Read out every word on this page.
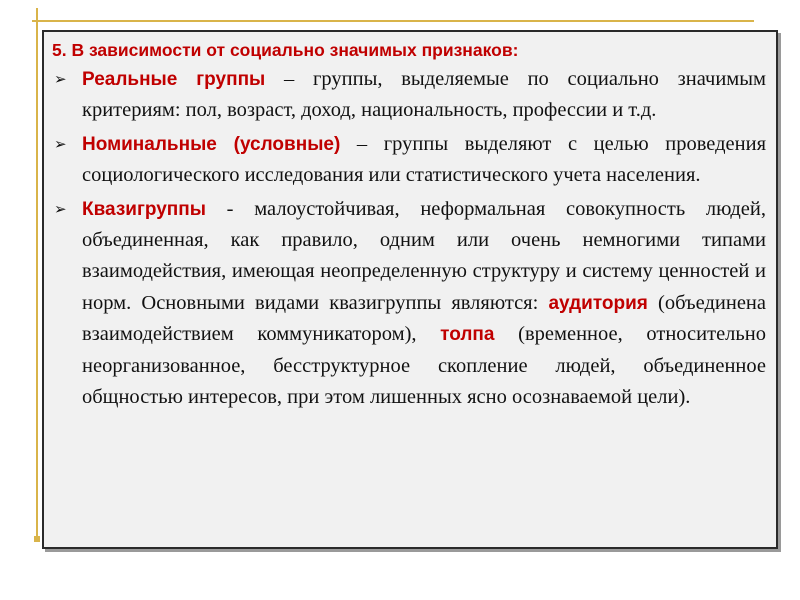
5. В зависимости от социально значимых признаков:
➢ Реальные группы – группы, выделяемые по социально значимым критериям: пол, возраст, доход, национальность, профессии и т.д.
➢ Номинальные (условные) – группы выделяют с целью проведения социологического исследования или статистического учета населения.
➢ Квазигруппы - малоустойчивая, неформальная совокупность людей, объединенная, как правило, одним или очень немногими типами взаимодействия, имеющая неопределенную структуру и систему ценностей и норм. Основными видами квазигруппы являются: аудитория (объединена взаимодействием коммуникатором), толпа (временное, относительно неорганизованное, бесструктурное скопление людей, объединенное общностью интересов, при этом лишенных ясно осознаваемой цели).
